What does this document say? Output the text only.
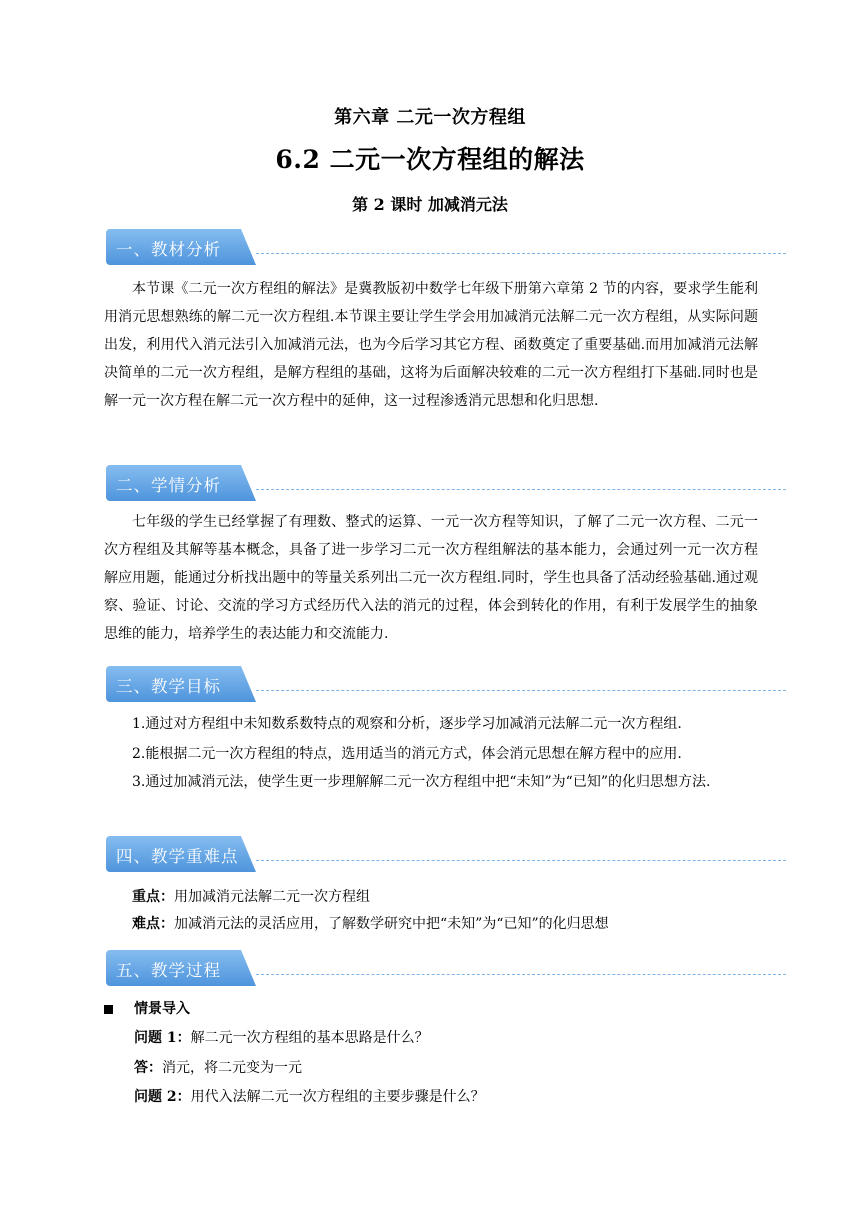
第六章 二元一次方程组
6.2 二元一次方程组的解法
第 2 课时 加减消元法
一、教材分析
本节课《二元一次方程组的解法》是冀教版初中数学七年级下册第六章第 2 节的内容，要求学生能利用消元思想熟练的解二元一次方程组.本节课主要让学生学会用加减消元法解二元一次方程组，从实际问题出发，利用代入消元法引入加减消元法，也为今后学习其它方程、函数奠定了重要基础.而用加减消元法解决简单的二元一次方程组，是解方程组的基础，这将为后面解决较难的二元一次方程组打下基础.同时也是解一元一次方程在解二元一次方程中的延伸，这一过程渗透消元思想和化归思想.
二、学情分析
七年级的学生已经掌握了有理数、整式的运算、一元一次方程等知识，了解了二元一次方程、二元一次方程组及其解等基本概念，具备了进一步学习二元一次方程组解法的基本能力，会通过列一元一次方程解应用题，能通过分析找出题中的等量关系列出二元一次方程组.同时，学生也具备了活动经验基础.通过观察、验证、讨论、交流的学习方式经历代入法的消元的过程，体会到转化的作用，有利于发展学生的抽象思维的能力，培养学生的表达能力和交流能力.
三、教学目标
1.通过对方程组中未知数系数特点的观察和分析，逐步学习加减消元法解二元一次方程组.
2.能根据二元一次方程组的特点，选用适当的消元方式，体会消元思想在解方程中的应用.
3.通过加减消元法，使学生更一步理解解二元一次方程组中把“未知”为“已知”的化归思想方法.
四、教学重难点
重点：用加减消元法解二元一次方程组
难点：加减消元法的灵活应用，了解数学研究中把“未知”为“已知”的化归思想
五、教学过程
情景导入
问题 1：解二元一次方程组的基本思路是什么？
答：消元，将二元变为一元
问题 2：用代入法解二元一次方程组的主要步骤是什么？
